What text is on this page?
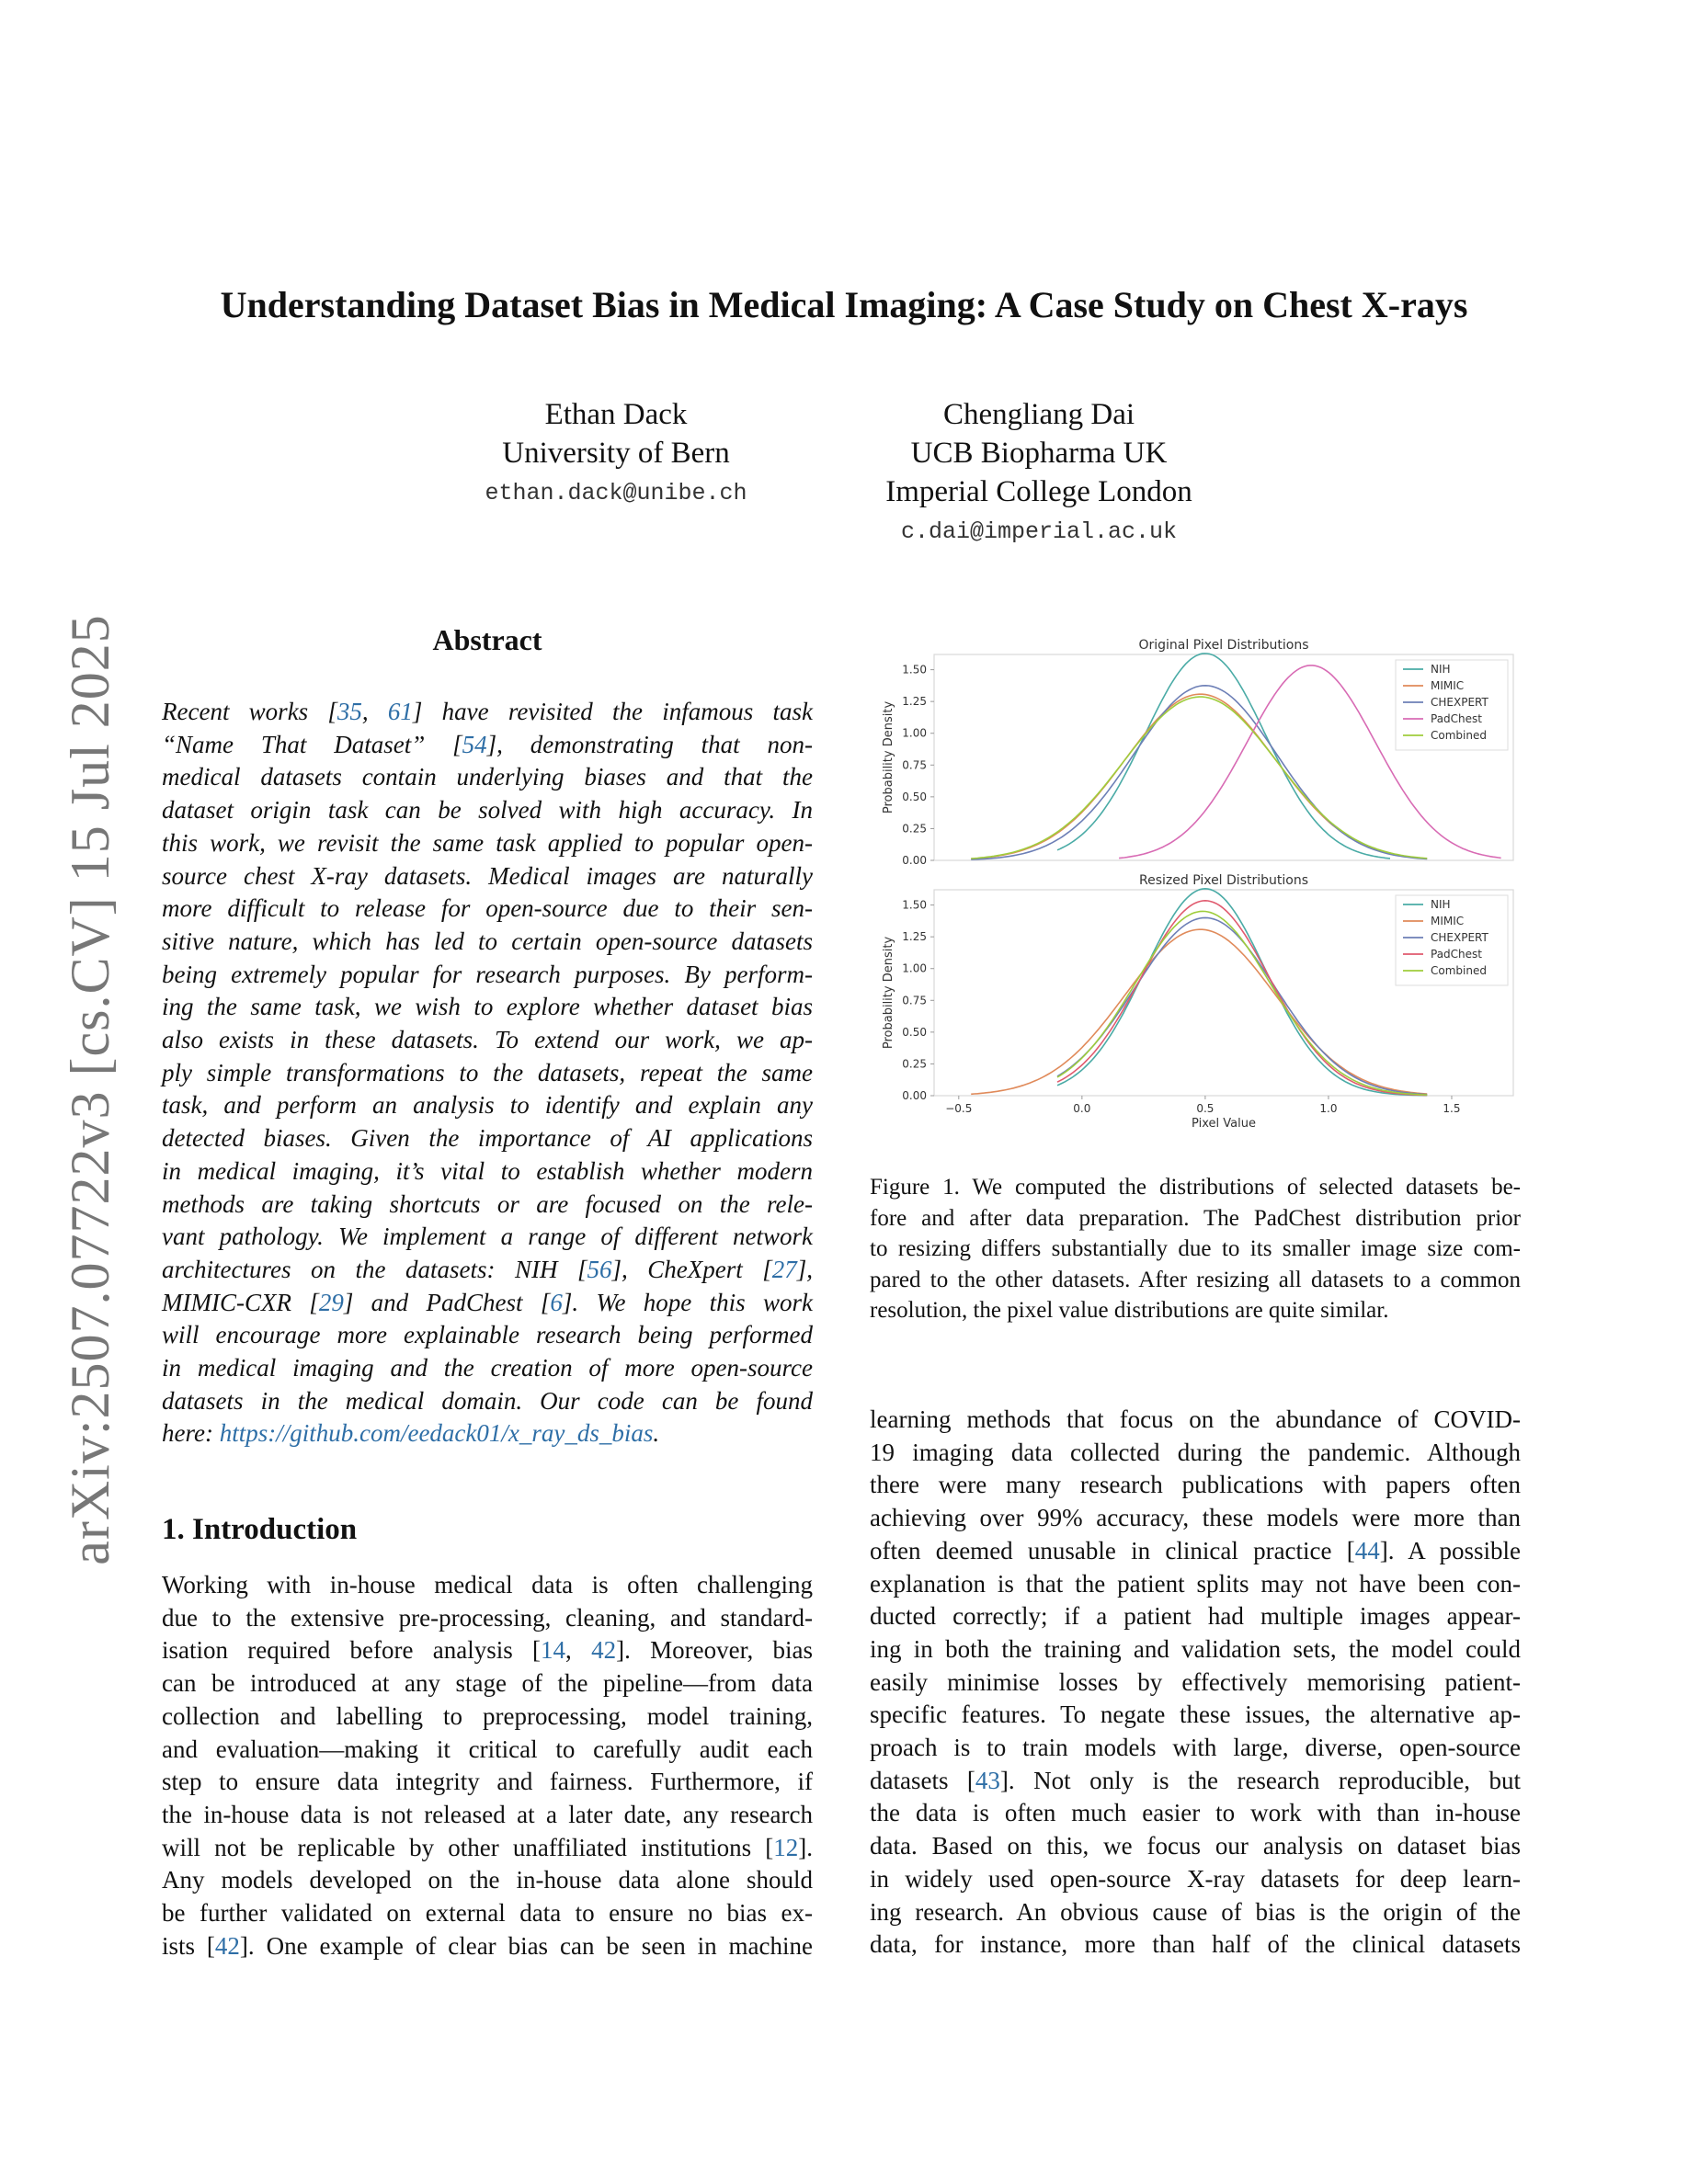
arXiv:2507.07722v3 [cs.CV] 15 Jul 2025
Understanding Dataset Bias in Medical Imaging: A Case Study on Chest X-rays
Ethan Dack
University of Bern
ethan.dack@unibe.ch
Chengliang Dai
UCB Biopharma UK
Imperial College London
c.dai@imperial.ac.uk
Abstract

Recent works [35, 61] have revisited the infamous task

“Name That Dataset” [54], demonstrating that non-

medical datasets contain underlying biases and that the

dataset origin task can be solved with high accuracy. In

this work, we revisit the same task applied to popular open-

source chest X-ray datasets. Medical images are naturally

more difficult to release for open-source due to their sen-

sitive nature, which has led to certain open-source datasets

being extremely popular for research purposes. By perform-

ing the same task, we wish to explore whether dataset bias

also exists in these datasets. To extend our work, we ap-

ply simple transformations to the datasets, repeat the same

task, and perform an analysis to identify and explain any

detected biases. Given the importance of AI applications

in medical imaging, it’s vital to establish whether modern

methods are taking shortcuts or are focused on the rele-

vant pathology. We implement a range of different network

architectures on the datasets: NIH [56], CheXpert [27],

MIMIC-CXR [29] and PadChest [6]. We hope this work

will encourage more explainable research being performed

in medical imaging and the creation of more open-source

datasets in the medical domain. Our code can be found

here: https://github.com/eedack01/x_ray_ds_bias.

1. Introduction

Working with in-house medical data is often challenging

due to the extensive pre-processing, cleaning, and standard-

isation required before analysis [14, 42]. Moreover, bias

can be introduced at any stage of the pipeline—from data

collection and labelling to preprocessing, model training,

and evaluation—making it critical to carefully audit each

step to ensure data integrity and fairness. Furthermore, if

the in-house data is not released at a later date, any research

will not be replicable by other unaffiliated institutions [12].

Any models developed on the in-house data alone should

be further validated on external data to ensure no bias ex-

ists [42]. One example of clear bias can be seen in machine

Original Pixel Distributions
0.00
0.25
0.50
0.75
1.00
1.25
1.50
Probability Density
NIH
MIMIC
CHEXPERT
PadChest
Combined
Resized Pixel Distributions
0.00
0.25
0.50
0.75
1.00
1.25
1.50
−0.5	0.0	0.5	1.0	1.5
Pixel Value
Probability Density
NIH
MIMIC
CHEXPERT
PadChest
Combined

Figure 1. We computed the distributions of selected datasets be-

fore and after data preparation. The PadChest distribution prior

to resizing differs substantially due to its smaller image size com-

pared to the other datasets. After resizing all datasets to a common

resolution, the pixel value distributions are quite similar.

learning methods that focus on the abundance of COVID-

19 imaging data collected during the pandemic. Although

there were many research publications with papers often

achieving over 99% accuracy, these models were more than

often deemed unusable in clinical practice [44]. A possible

explanation is that the patient splits may not have been con-

ducted correctly; if a patient had multiple images appear-

ing in both the training and validation sets, the model could

easily minimise losses by effectively memorising patient-

specific features. To negate these issues, the alternative ap-

proach is to train models with large, diverse, open-source

datasets [43]. Not only is the research reproducible, but

the data is often much easier to work with than in-house

data. Based on this, we focus our analysis on dataset bias

in widely used open-source X-ray datasets for deep learn-

ing research. An obvious cause of bias is the origin of the

data, for instance, more than half of the clinical datasets
